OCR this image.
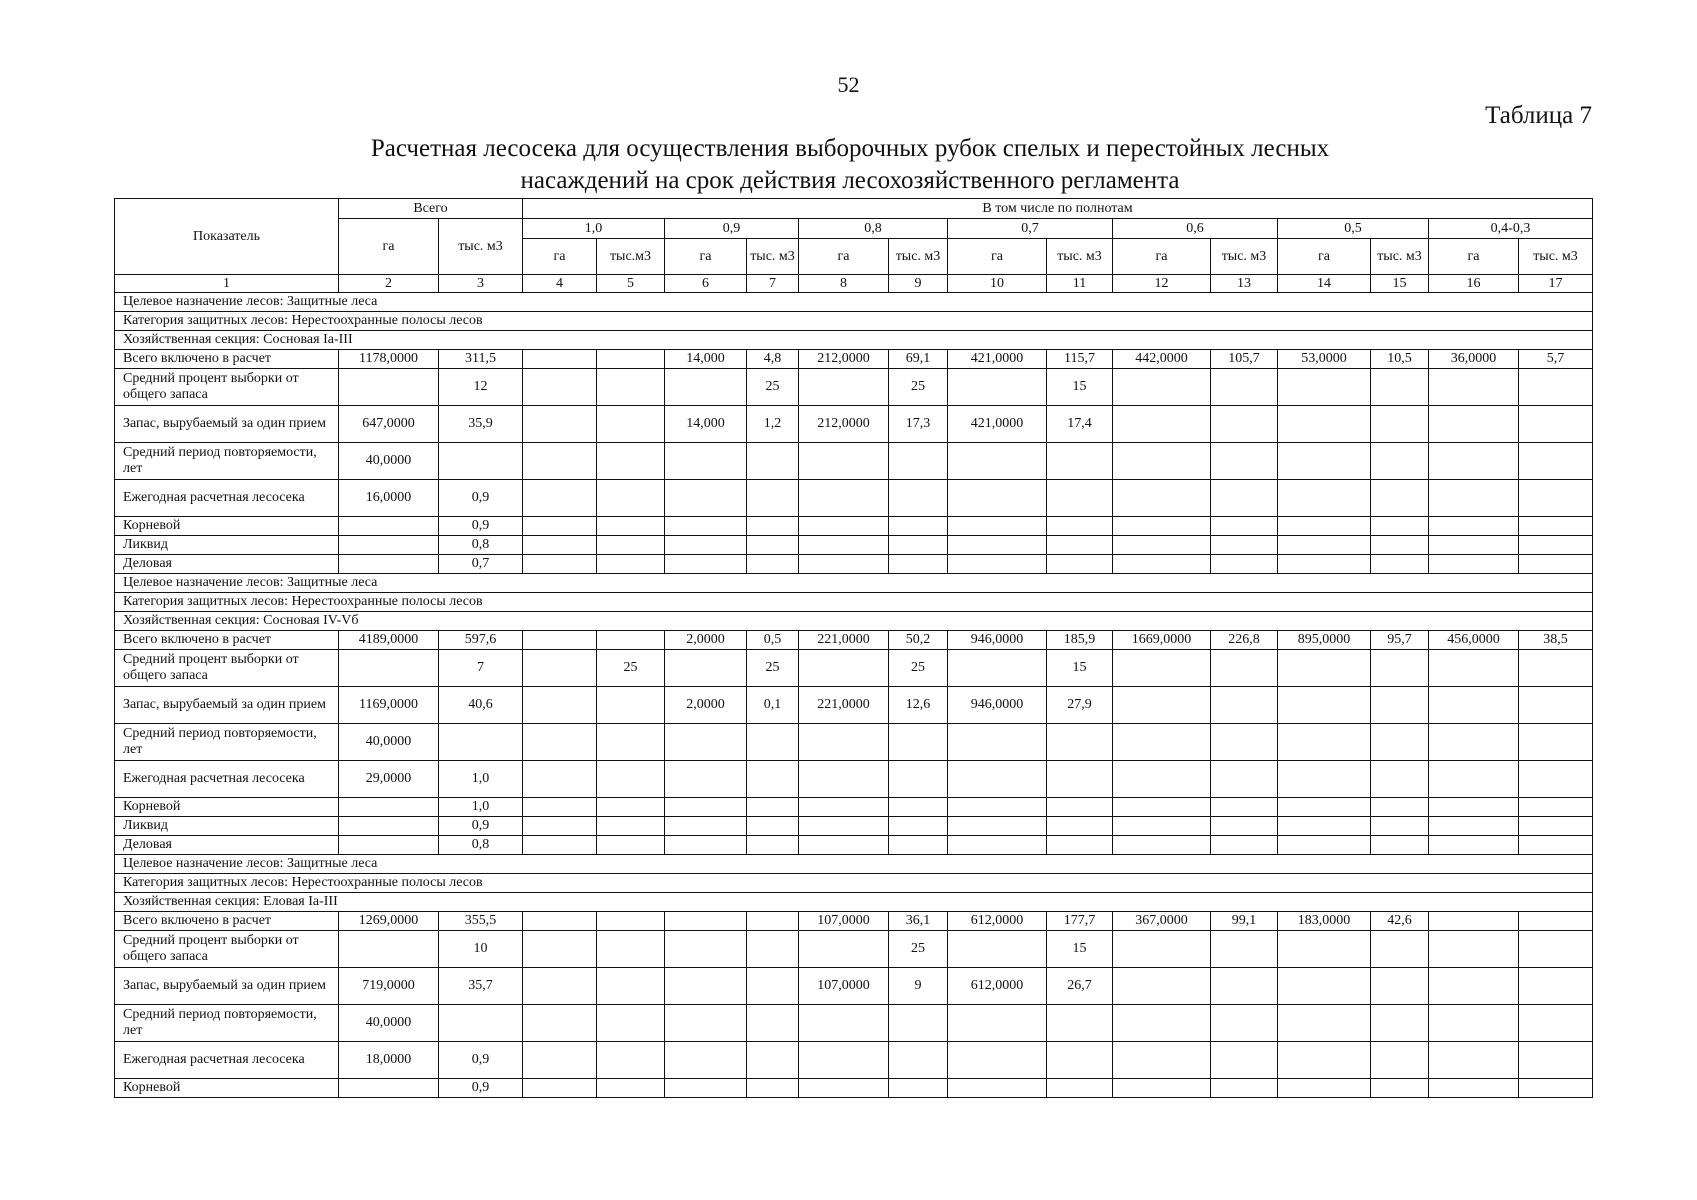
52
Таблица 7
Расчетная лесосека для осуществления выборочных рубок спелых и перестойных лесных
насаждений на срок действия лесохозяйственного регламента
Показатель	Всего		В том числе по полнотам													
	га	тыс. м3	1,0		0,9		0,8		0,7		0,6		0,5		0,4-0,3	
			га	тыс.м3	га	тыс. м3	га	тыс. м3	га	тыс. м3	га	тыс. м3	га	тыс. м3	га	тыс. м3
1	2	3	4	5	6	7	8	9	10	11	12	13	14	15	16	17
Целевое назначение лесов: Защитные леса																
Категория защитных лесов: Нерестоохранные полосы лесов																
Хозяйственная секция: Сосновая Ia-III																
Всего включено в расчет	1178,0000	311,5			14,000	4,8	212,0000	69,1	421,0000	115,7	442,0000	105,7	53,0000	10,5	36,0000	5,7
Средний процент выборки от общего запаса		12				25		25		15						
Запас, вырубаемый за один прием	647,0000	35,9			14,000	1,2	212,0000	17,3	421,0000	17,4						
Средний период повторяемости, лет	40,0000															
Ежегодная расчетная лесосека	16,0000	0,9														
Корневой		0,9														
Ликвид		0,8														
Деловая		0,7														
Целевое назначение лесов: Защитные леса																
Категория защитных лесов: Нерестоохранные полосы лесов																
Хозяйственная секция: Сосновая IV-Vб																
Всего включено в расчет	4189,0000	597,6			2,0000	0,5	221,0000	50,2	946,0000	185,9	1669,0000	226,8	895,0000	95,7	456,0000	38,5
Средний процент выборки от общего запаса		7		25		25		25		15						
Запас, вырубаемый за один прием	1169,0000	40,6			2,0000	0,1	221,0000	12,6	946,0000	27,9						
Средний период повторяемости, лет	40,0000															
Ежегодная расчетная лесосека	29,0000	1,0														
Корневой		1,0														
Ликвид		0,9														
Деловая		0,8														
Целевое назначение лесов: Защитные леса																
Категория защитных лесов: Нерестоохранные полосы лесов																
Хозяйственная секция: Еловая Ia-III																
Всего включено в расчет	1269,0000	355,5					107,0000	36,1	612,0000	177,7	367,0000	99,1	183,0000	42,6		
Средний процент выборки от общего запаса		10						25		15						
Запас, вырубаемый за один прием	719,0000	35,7					107,0000	9	612,0000	26,7						
Средний период повторяемости, лет	40,0000															
Ежегодная расчетная лесосека	18,0000	0,9														
Корневой		0,9														
